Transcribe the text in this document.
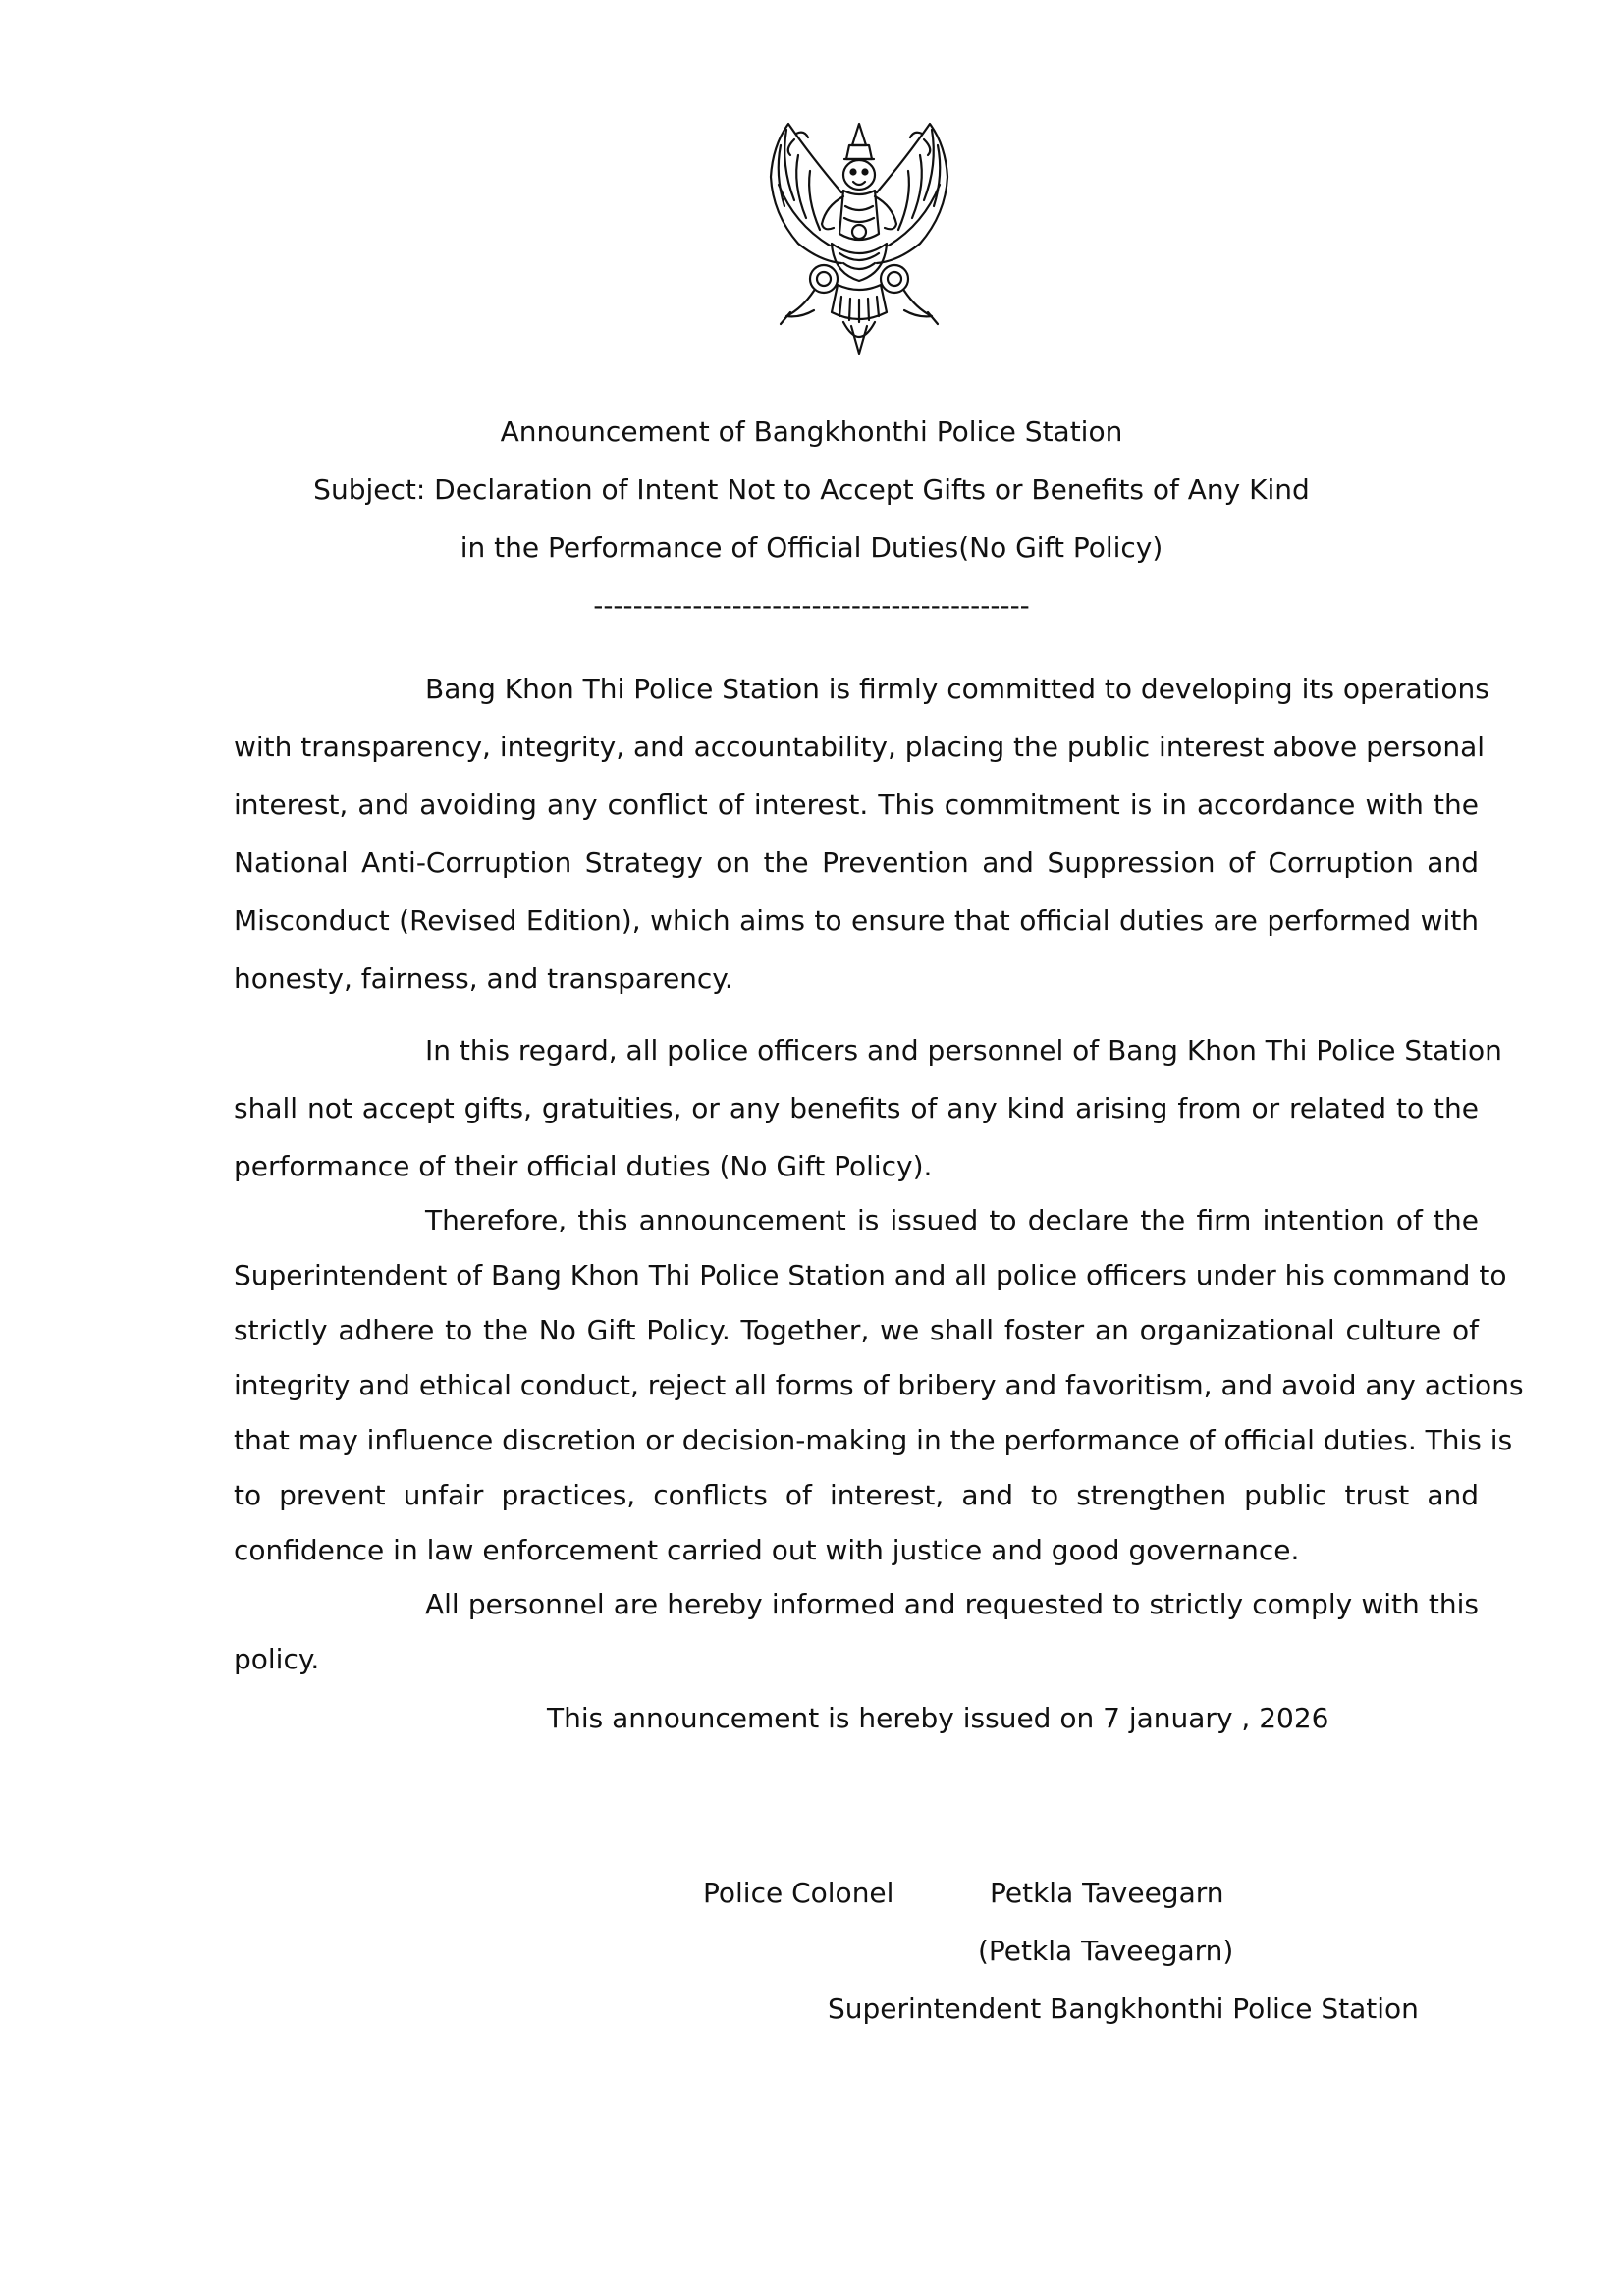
Announcement of Bangkhonthi Police Station
Subject: Declaration of Intent Not to Accept Gifts or Benefits of Any Kind
in the Performance of Official Duties(No Gift Policy)
--------------------------------------------
Bang Khon Thi Police Station is firmly committed to developing its operations
with transparency, integrity, and accountability, placing the public interest above personal
interest, and avoiding any conflict of interest. This commitment is in accordance with the
National Anti-Corruption Strategy on the Prevention and Suppression of Corruption and
Misconduct (Revised Edition), which aims to ensure that official duties are performed with
honesty, fairness, and transparency.
In this regard, all police officers and personnel of Bang Khon Thi Police Station
shall not accept gifts, gratuities, or any benefits of any kind arising from or related to the
performance of their official duties (No Gift Policy).
Therefore, this announcement is issued to declare the firm intention of the
Superintendent of Bang Khon Thi Police Station and all police officers under his command to
strictly adhere to the No Gift Policy. Together, we shall foster an organizational culture of
integrity and ethical conduct, reject all forms of bribery and favoritism, and avoid any actions
that may influence discretion or decision-making in the performance of official duties. This is
to prevent unfair practices, conflicts of interest, and to strengthen public trust and
confidence in law enforcement carried out with justice and good governance.
All personnel are hereby informed and requested to strictly comply with this
policy.
This announcement is hereby issued on 7 january , 2026
Police Colonel	Petkla Taveegarn
(Petkla Taveegarn)
Superintendent Bangkhonthi Police Station
